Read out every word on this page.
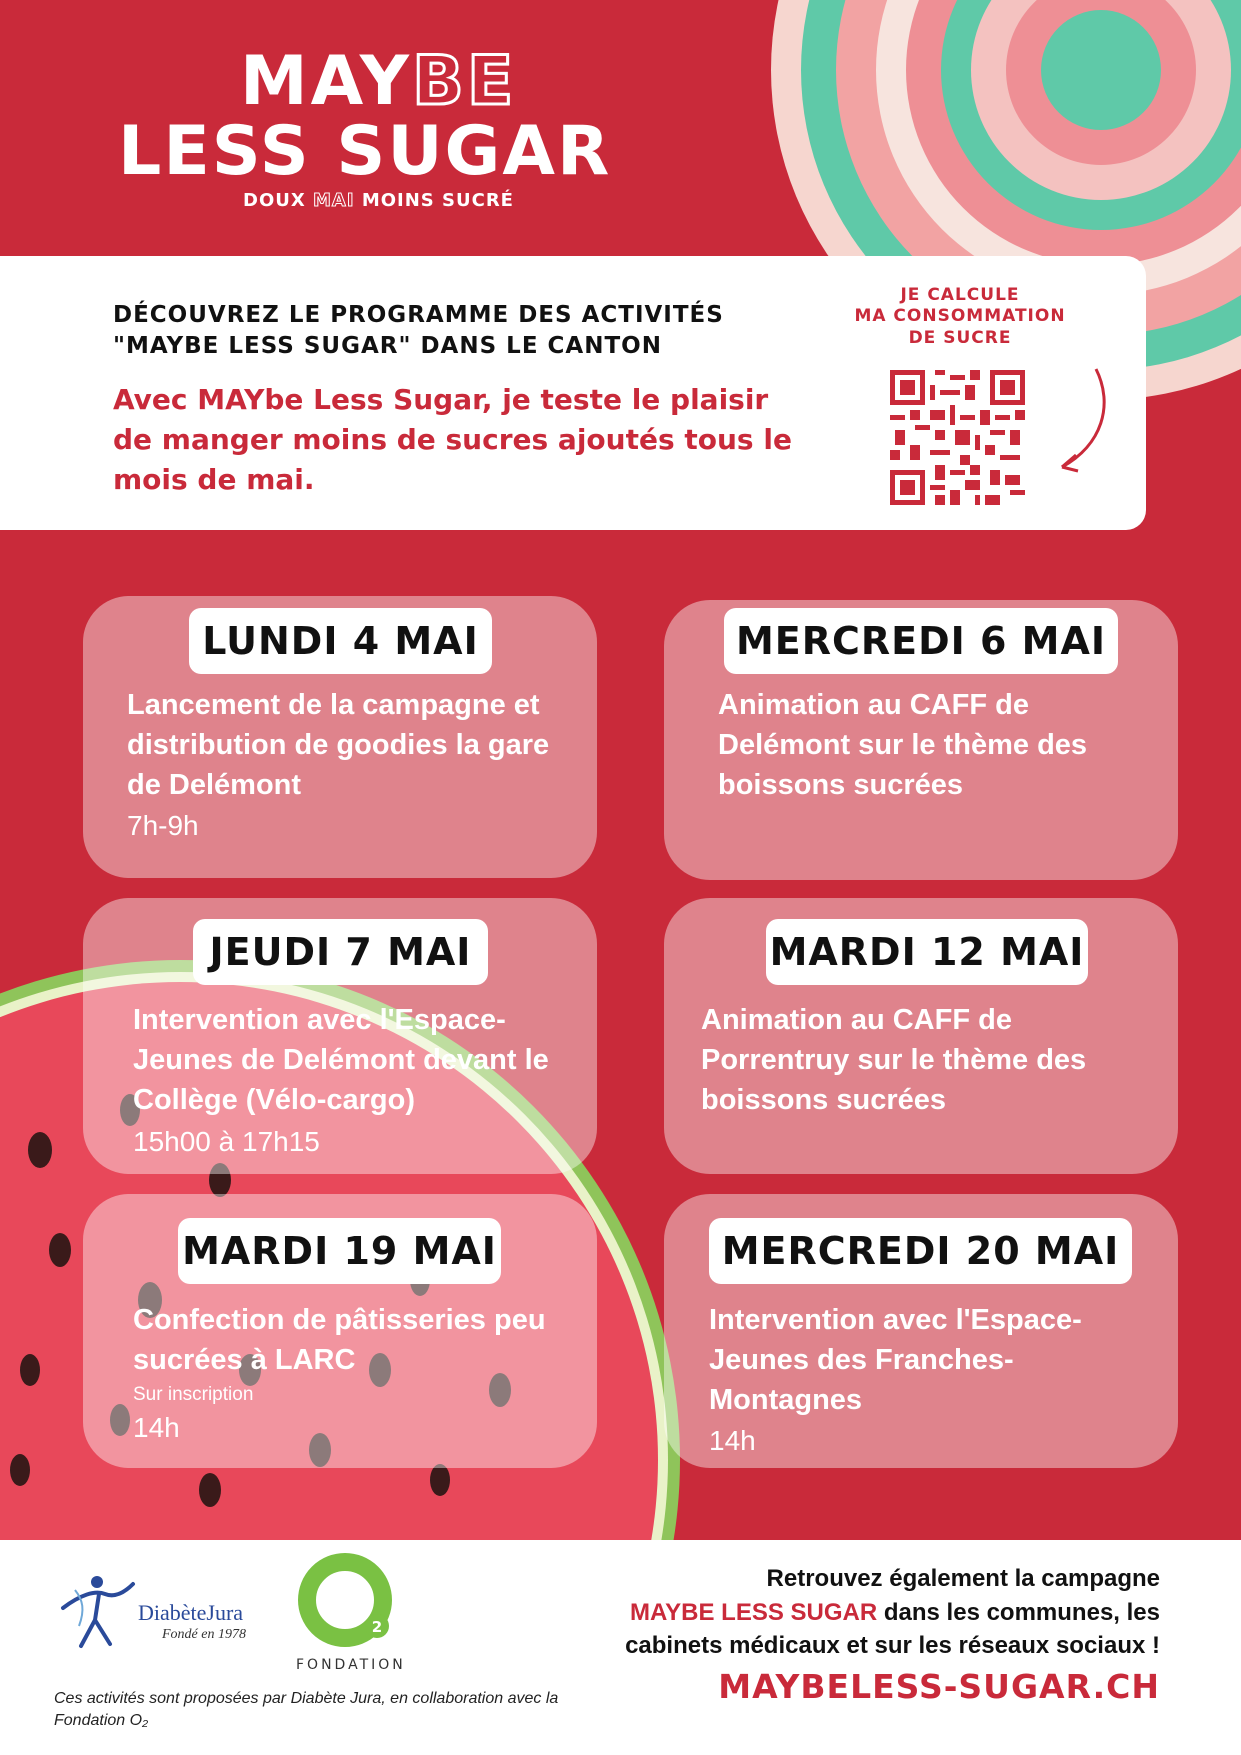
MAYBE
LESS SUGAR
DOUX MAI MOINS SUCRÉ
DÉCOUVREZ LE PROGRAMME DES ACTIVITÉS
"MAYBE LESS SUGAR" DANS LE CANTON
Avec MAYbe Less Sugar, je teste le plaisir de manger moins de sucres ajoutés tous le mois de mai.
JE CALCULE
MA CONSOMMATION
DE SUCRE
LUNDI 4 MAI
Lancement de la campagne et distribution de goodies la gare de Delémont
7h-9h
MERCREDI 6 MAI
Animation au CAFF de Delémont sur le thème des boissons sucrées
JEUDI 7 MAI
Intervention avec l'Espace-Jeunes de Delémont devant le Collège (Vélo-cargo)
15h00 à 17h15
MARDI 12 MAI
Animation au CAFF de Porrentruy sur le thème des boissons sucrées
MARDI 19 MAI
Confection de pâtisseries peu sucrées à LARC
Sur inscription
14h
MERCREDI 20 MAI
Intervention avec l'Espace-Jeunes des Franches-Montagnes
14h
DiabèteJura
Fondé en 1978	2
FONDATION
Ces activités sont proposées par Diabète Jura, en collaboration avec la Fondation O₂
Retrouvez également la campagne
MAYBE LESS SUGAR dans les communes, les
cabinets médicaux et sur les réseaux sociaux !
MAYBELESS-SUGAR.CH
